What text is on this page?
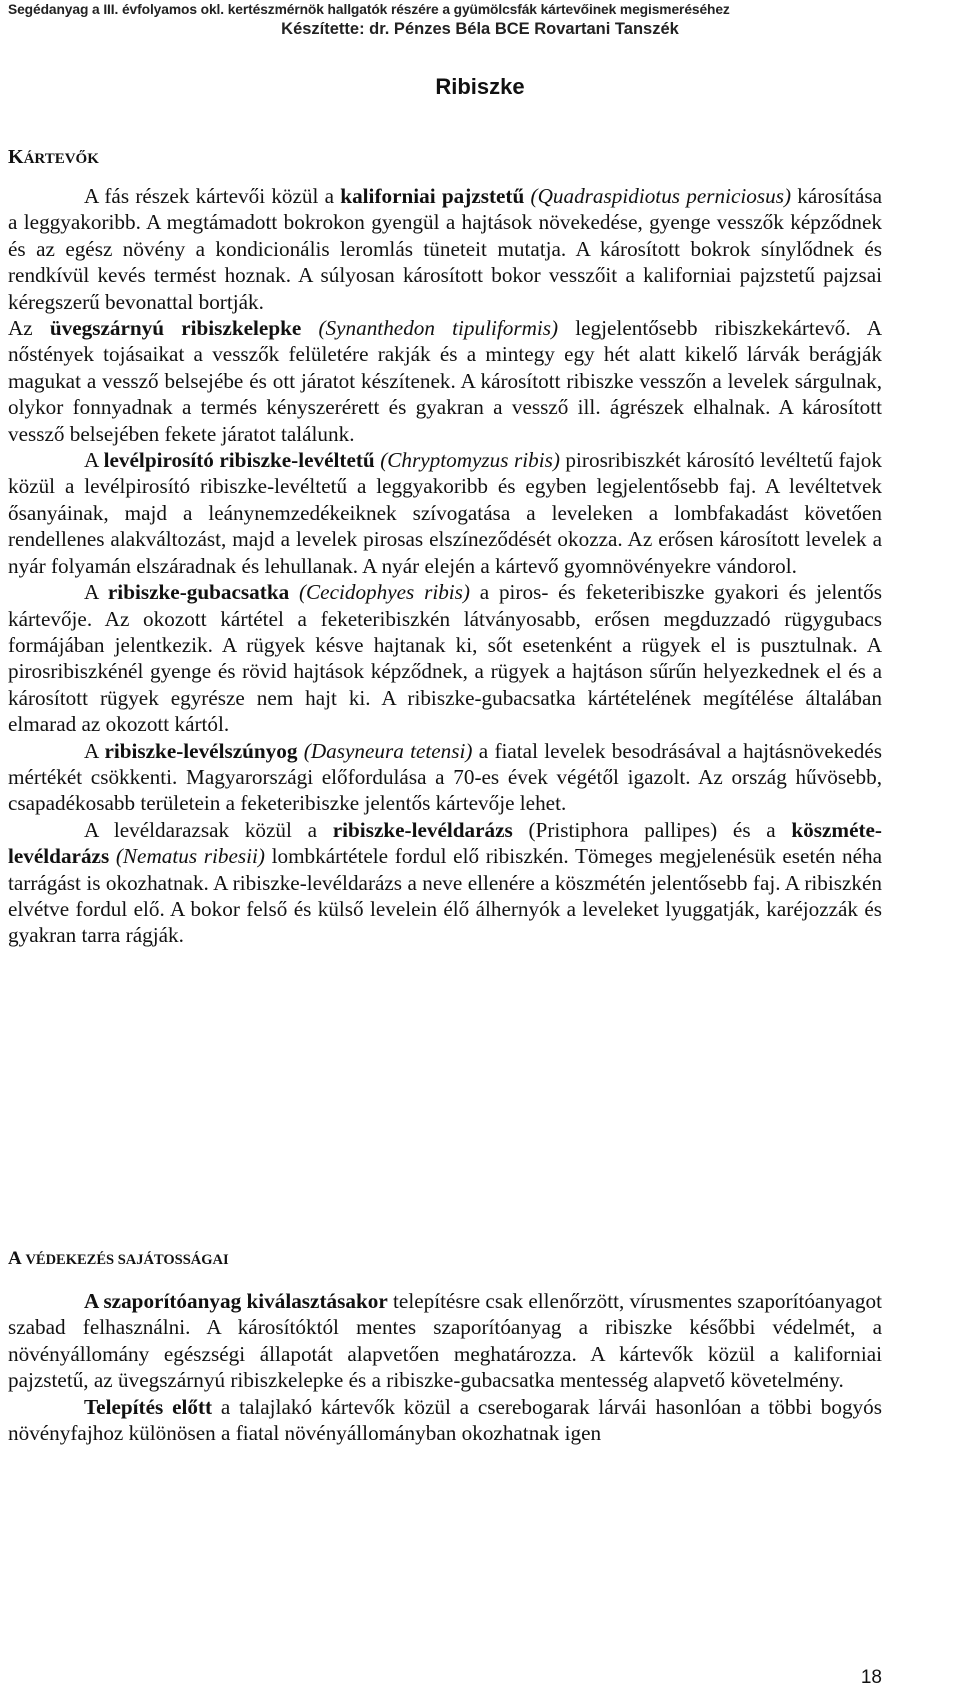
Segédanyag a III. évfolyamos okl. kertészmérnök hallgatók részére a gyümölcsfák kártevőinek megismeréséhez
Készítette: dr. Pénzes Béla BCE Rovartani Tanszék
Ribiszke
KÁRTEVŐK

A fás részek kártevői közül a kaliforniai pajzstetű (Quadraspidiotus perniciosus) károsítása a leggyakoribb. A megtámadott bokrokon gyengül a hajtások növekedése, gyenge vesszők képződnek és az egész növény a kondicionális leromlás tüneteit mutatja. A károsított bokrok sínylődnek és rendkívül kevés termést hoznak. A súlyosan károsított bokor vesszőit a kaliforniai pajzstetű pajzsai kéregszerű bevonattal bortják.

Az üvegszárnyú ribiszkelepke (Synanthedon tipuliformis) legjelentősebb ribiszkekártevő. A nőstények tojásaikat a vesszők felületére rakják és a mintegy egy hét alatt kikelő lárvák berágják magukat a vessző belsejébe és ott járatot készítenek. A károsított ribiszke vesszőn a levelek sárgulnak, olykor fonnyadnak a termés kényszerérett és gyakran a vessző ill. ágrészek elhalnak. A károsított vessző belsejében fekete járatot találunk.

A levélpirosító ribiszke-levéltetű (Chryptomyzus ribis) pirosribiszkét károsító levéltetű fajok közül a levélpirosító ribiszke-levéltetű a leggyakoribb és egyben legjelentősebb faj. A levéltetvek ősanyáinak, majd a leánynemzedékeiknek szívogatása a leveleken a lombfakadást követően rendellenes alakváltozást, majd a levelek pirosas elszíneződését okozza. Az erősen károsított levelek a nyár folyamán elszáradnak és lehullanak. A nyár elején a kártevő gyomnövényekre vándorol.

A ribiszke-gubacsatka (Cecidophyes ribis) a piros- és feketeribiszke gyakori és jelentős kártevője. Az okozott kártétel a feketeribiszkén látványosabb, erősen megduzzadó rügygubacs formájában jelentkezik. A rügyek késve hajtanak ki, sőt esetenként a rügyek el is pusztulnak. A pirosribiszkénél gyenge és rövid hajtások képződnek, a rügyek a hajtáson sűrűn helyezkednek el és a károsított rügyek egyrésze nem hajt ki. A ribiszke-gubacsatka kártételének megítélése általában elmarad az okozott kártól.

A ribiszke-levélszúnyog (Dasyneura tetensi) a fiatal levelek besodrásával a hajtásnövekedés mértékét csökkenti. Magyarországi előfordulása a 70-es évek végétől igazolt. Az ország hűvösebb, csapadékosabb területein a feketeribiszke jelentős kártevője lehet.

A levéldarazsak közül a ribiszke-levéldarázs (Pristiphora pallipes) és a köszméte-levéldarázs (Nematus ribesii) lombkártétele fordul elő ribiszkén. Tömeges megjelenésük esetén néha tarrágást is okozhatnak. A ribiszke-levéldarázs a neve ellenére a köszmétén jelentősebb faj. A ribiszkén elvétve fordul elő. A bokor felső és külső levelein élő álhernyók a leveleket lyuggatják, karéjozzák és gyakran tarra rágják.

A VÉDEKEZÉS SAJÁTOSSÁGAI

A szaporítóanyag kiválasztásakor telepítésre csak ellenőrzött, vírusmentes szaporítóanyagot szabad felhasználni. A károsítóktól mentes szaporítóanyag a ribiszke későbbi védelmét, a növényállomány egészségi állapotát alapvetően meghatározza. A kártevők közül a kaliforniai pajzstetű, az üvegszárnyú ribiszkelepke és a ribiszke-gubacsatka mentesség alapvető követelmény.

Telepítés előtt a talajlakó kártevők közül a cserebogarak lárvái hasonlóan a többi bogyós növényfajhoz különösen a fiatal növényállományban okozhatnak igen

18
